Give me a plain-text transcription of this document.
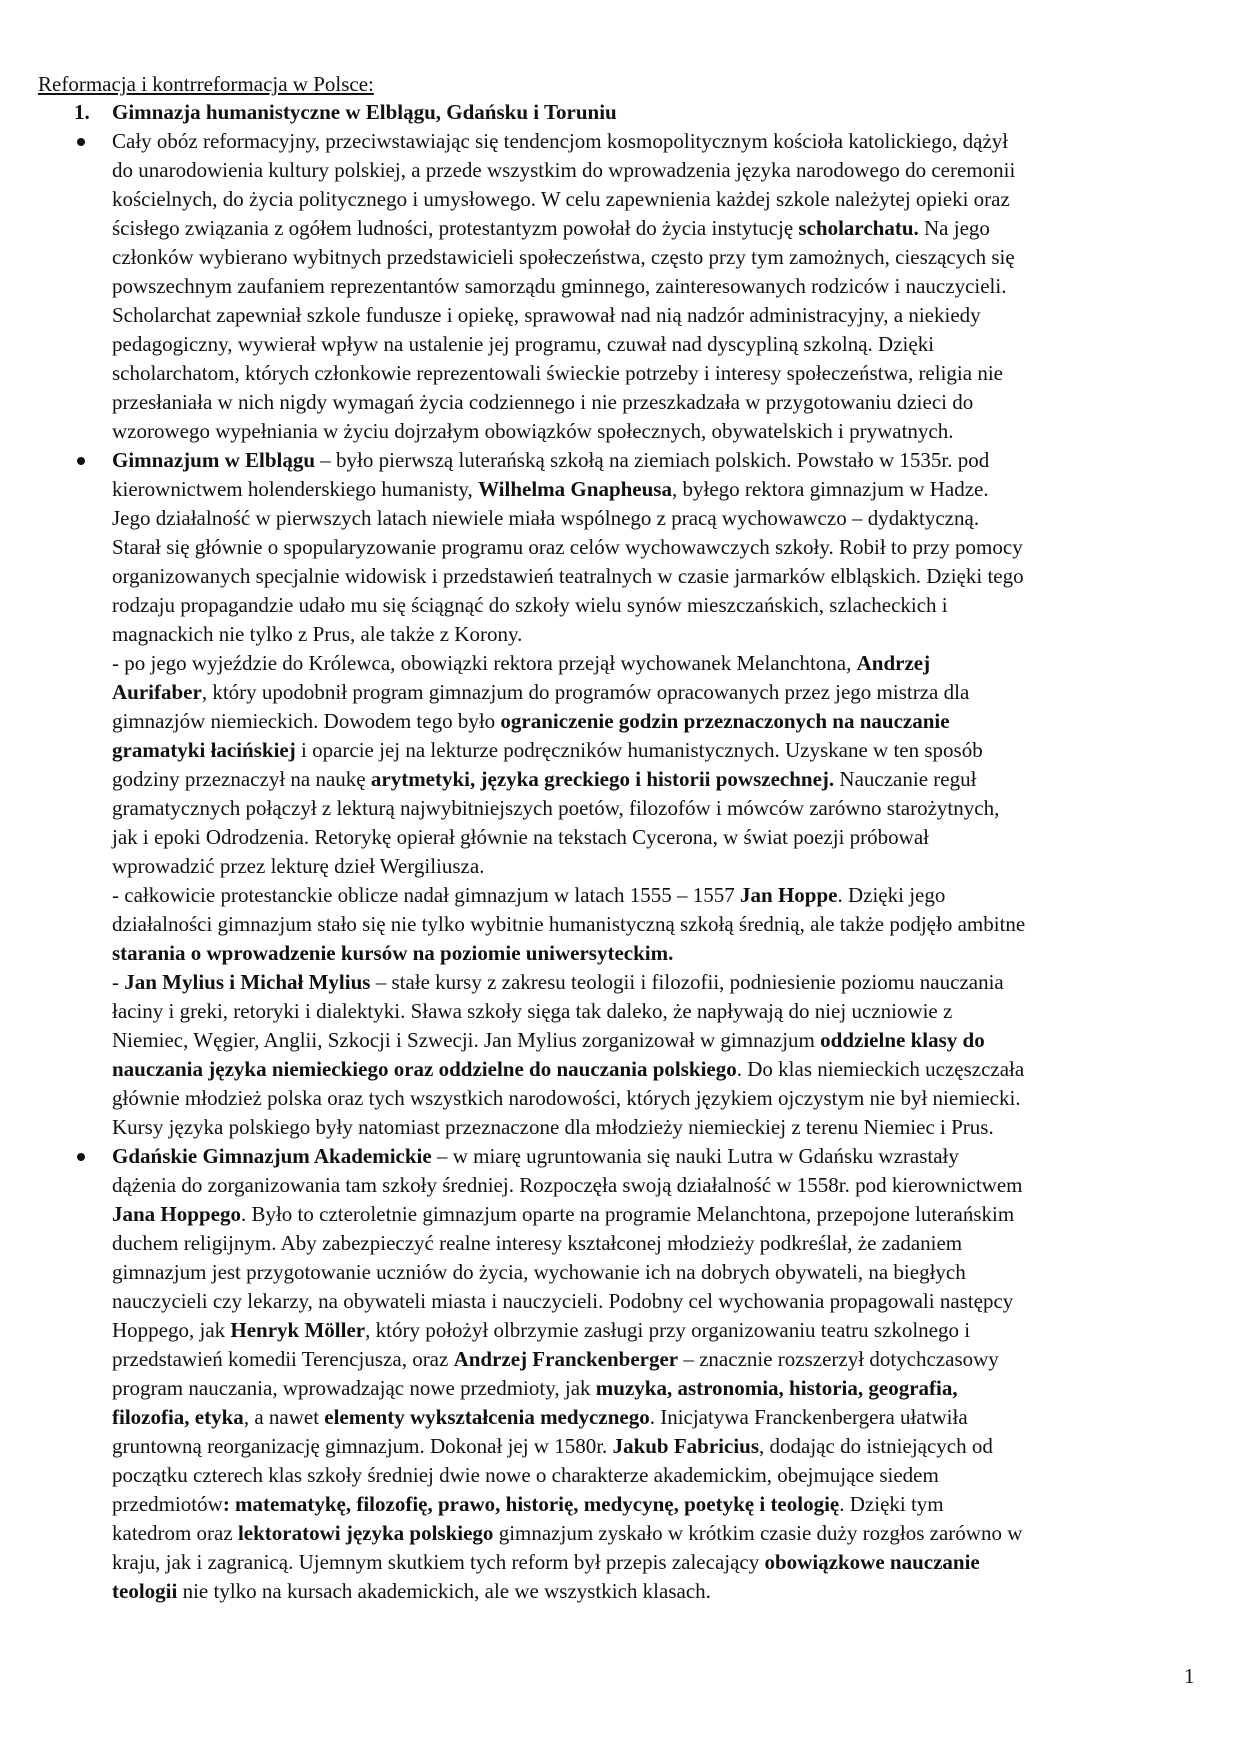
Reformacja i kontrreformacja w Polsce:
1. Gimnazja humanistyczne w Elblągu, Gdańsku i Toruniu
Cały obóz reformacyjny, przeciwstawiając się tendencjom kosmopolitycznym kościoła katolickiego, dążył
do unarodowienia kultury polskiej, a przede wszystkim do wprowadzenia języka narodowego do ceremonii
kościelnych, do życia politycznego i umysłowego. W celu zapewnienia każdej szkole należytej opieki oraz
ścisłego związania z ogółem ludności, protestantyzm powołał do życia instytucję scholarchatu. Na jego
członków wybierano wybitnych przedstawicieli społeczeństwa, często przy tym zamożnych, cieszących się
powszechnym zaufaniem reprezentantów samorządu gminnego, zainteresowanych rodziców i nauczycieli.
Scholarchat zapewniał szkole fundusze i opiekę, sprawował nad nią nadzór administracyjny, a niekiedy
pedagogiczny, wywierał wpływ na ustalenie jej programu, czuwał nad dyscypliną szkolną. Dzięki
scholarchatom, których członkowie reprezentowali świeckie potrzeby i interesy społeczeństwa, religia nie
przesłaniała w nich nigdy wymagań życia codziennego i nie przeszkadzała w przygotowaniu dzieci do
wzorowego wypełniania w życiu dojrzałym obowiązków społecznych, obywatelskich i prywatnych.
Gimnazjum w Elblągu – było pierwszą luterańską szkołą na ziemiach polskich. Powstało w 1535r. pod
kierownictwem holenderskiego humanisty, Wilhelma Gnapheusa, byłego rektora gimnazjum w Hadze.
Jego działalność w pierwszych latach niewiele miała wspólnego z pracą wychowawczo – dydaktyczną.
Starał się głównie o spopularyzowanie programu oraz celów wychowawczych szkoły. Robił to przy pomocy
organizowanych specjalnie widowisk i przedstawień teatralnych w czasie jarmarków elbląskich. Dzięki tego
rodzaju propagandzie udało mu się ściągnąć do szkoły wielu synów mieszczańskich, szlacheckich i
magnackich nie tylko z Prus, ale także z Korony.
- po jego wyjeździe do Królewca, obowiązki rektora przejął wychowanek Melanchtona, Andrzej
Aurifaber, który upodobnił program gimnazjum do programów opracowanych przez jego mistrza dla
gimnazjów niemieckich. Dowodem tego było ograniczenie godzin przeznaczonych na nauczanie
gramatyki łacińskiej i oparcie jej na lekturze podręczników humanistycznych. Uzyskane w ten sposób
godziny przeznaczył na naukę arytmetyki, języka greckiego i historii powszechnej. Nauczanie reguł
gramatycznych połączył z lekturą najwybitniejszych poetów, filozofów i mówców zarówno starożytnych,
jak i epoki Odrodzenia. Retorykę opierał głównie na tekstach Cycerona, w świat poezji próbował
wprowadzić przez lekturę dzieł Wergiliusza.
- całkowicie protestanckie oblicze nadał gimnazjum w latach 1555 – 1557 Jan Hoppe. Dzięki jego
działalności gimnazjum stało się nie tylko wybitnie humanistyczną szkołą średnią, ale także podjęło ambitne
starania o wprowadzenie kursów na poziomie uniwersyteckim.
- Jan Mylius i Michał Mylius – stałe kursy z zakresu teologii i filozofii, podniesienie poziomu nauczania
łaciny i greki, retoryki i dialektyki. Sława szkoły sięga tak daleko, że napływają do niej uczniowie z
Niemiec, Węgier, Anglii, Szkocji i Szwecji. Jan Mylius zorganizował w gimnazjum oddzielne klasy do
nauczania języka niemieckiego oraz oddzielne do nauczania polskiego. Do klas niemieckich uczęszczała
głównie młodzież polska oraz tych wszystkich narodowości, których językiem ojczystym nie był niemiecki.
Kursy języka polskiego były natomiast przeznaczone dla młodzieży niemieckiej z terenu Niemiec i Prus.
Gdańskie Gimnazjum Akademickie – w miarę ugruntowania się nauki Lutra w Gdańsku wzrastały
dążenia do zorganizowania tam szkoły średniej. Rozpoczęła swoją działalność w 1558r. pod kierownictwem
Jana Hoppego. Było to czteroletnie gimnazjum oparte na programie Melanchtona, przepojone luterańskim
duchem religijnym. Aby zabezpieczyć realne interesy kształconej młodzieży podkreślał, że zadaniem
gimnazjum jest przygotowanie uczniów do życia, wychowanie ich na dobrych obywateli, na biegłych
nauczycieli czy lekarzy, na obywateli miasta i nauczycieli. Podobny cel wychowania propagowali następcy
Hoppego, jak Henryk Möller, który położył olbrzymie zasługi przy organizowaniu teatru szkolnego i
przedstawień komedii Terencjusza, oraz Andrzej Franckenberger – znacznie rozszerzył dotychczasowy
program nauczania, wprowadzając nowe przedmioty, jak muzyka, astronomia, historia, geografia,
filozofia, etyka, a nawet elementy wykształcenia medycznego. Inicjatywa Franckenbergera ułatwiła
gruntowną reorganizację gimnazjum. Dokonał jej w 1580r. Jakub Fabricius, dodając do istniejących od
początku czterech klas szkoły średniej dwie nowe o charakterze akademickim, obejmujące siedem
przedmiotów: matematykę, filozofię, prawo, historię, medycynę, poetykę i teologię. Dzięki tym
katedrom oraz lektoratowi języka polskiego gimnazjum zyskało w krótkim czasie duży rozgłos zarówno w
kraju, jak i zagranicą. Ujemnym skutkiem tych reform był przepis zalecający obowiązkowe nauczanie
teologii nie tylko na kursach akademickich, ale we wszystkich klasach.
1
